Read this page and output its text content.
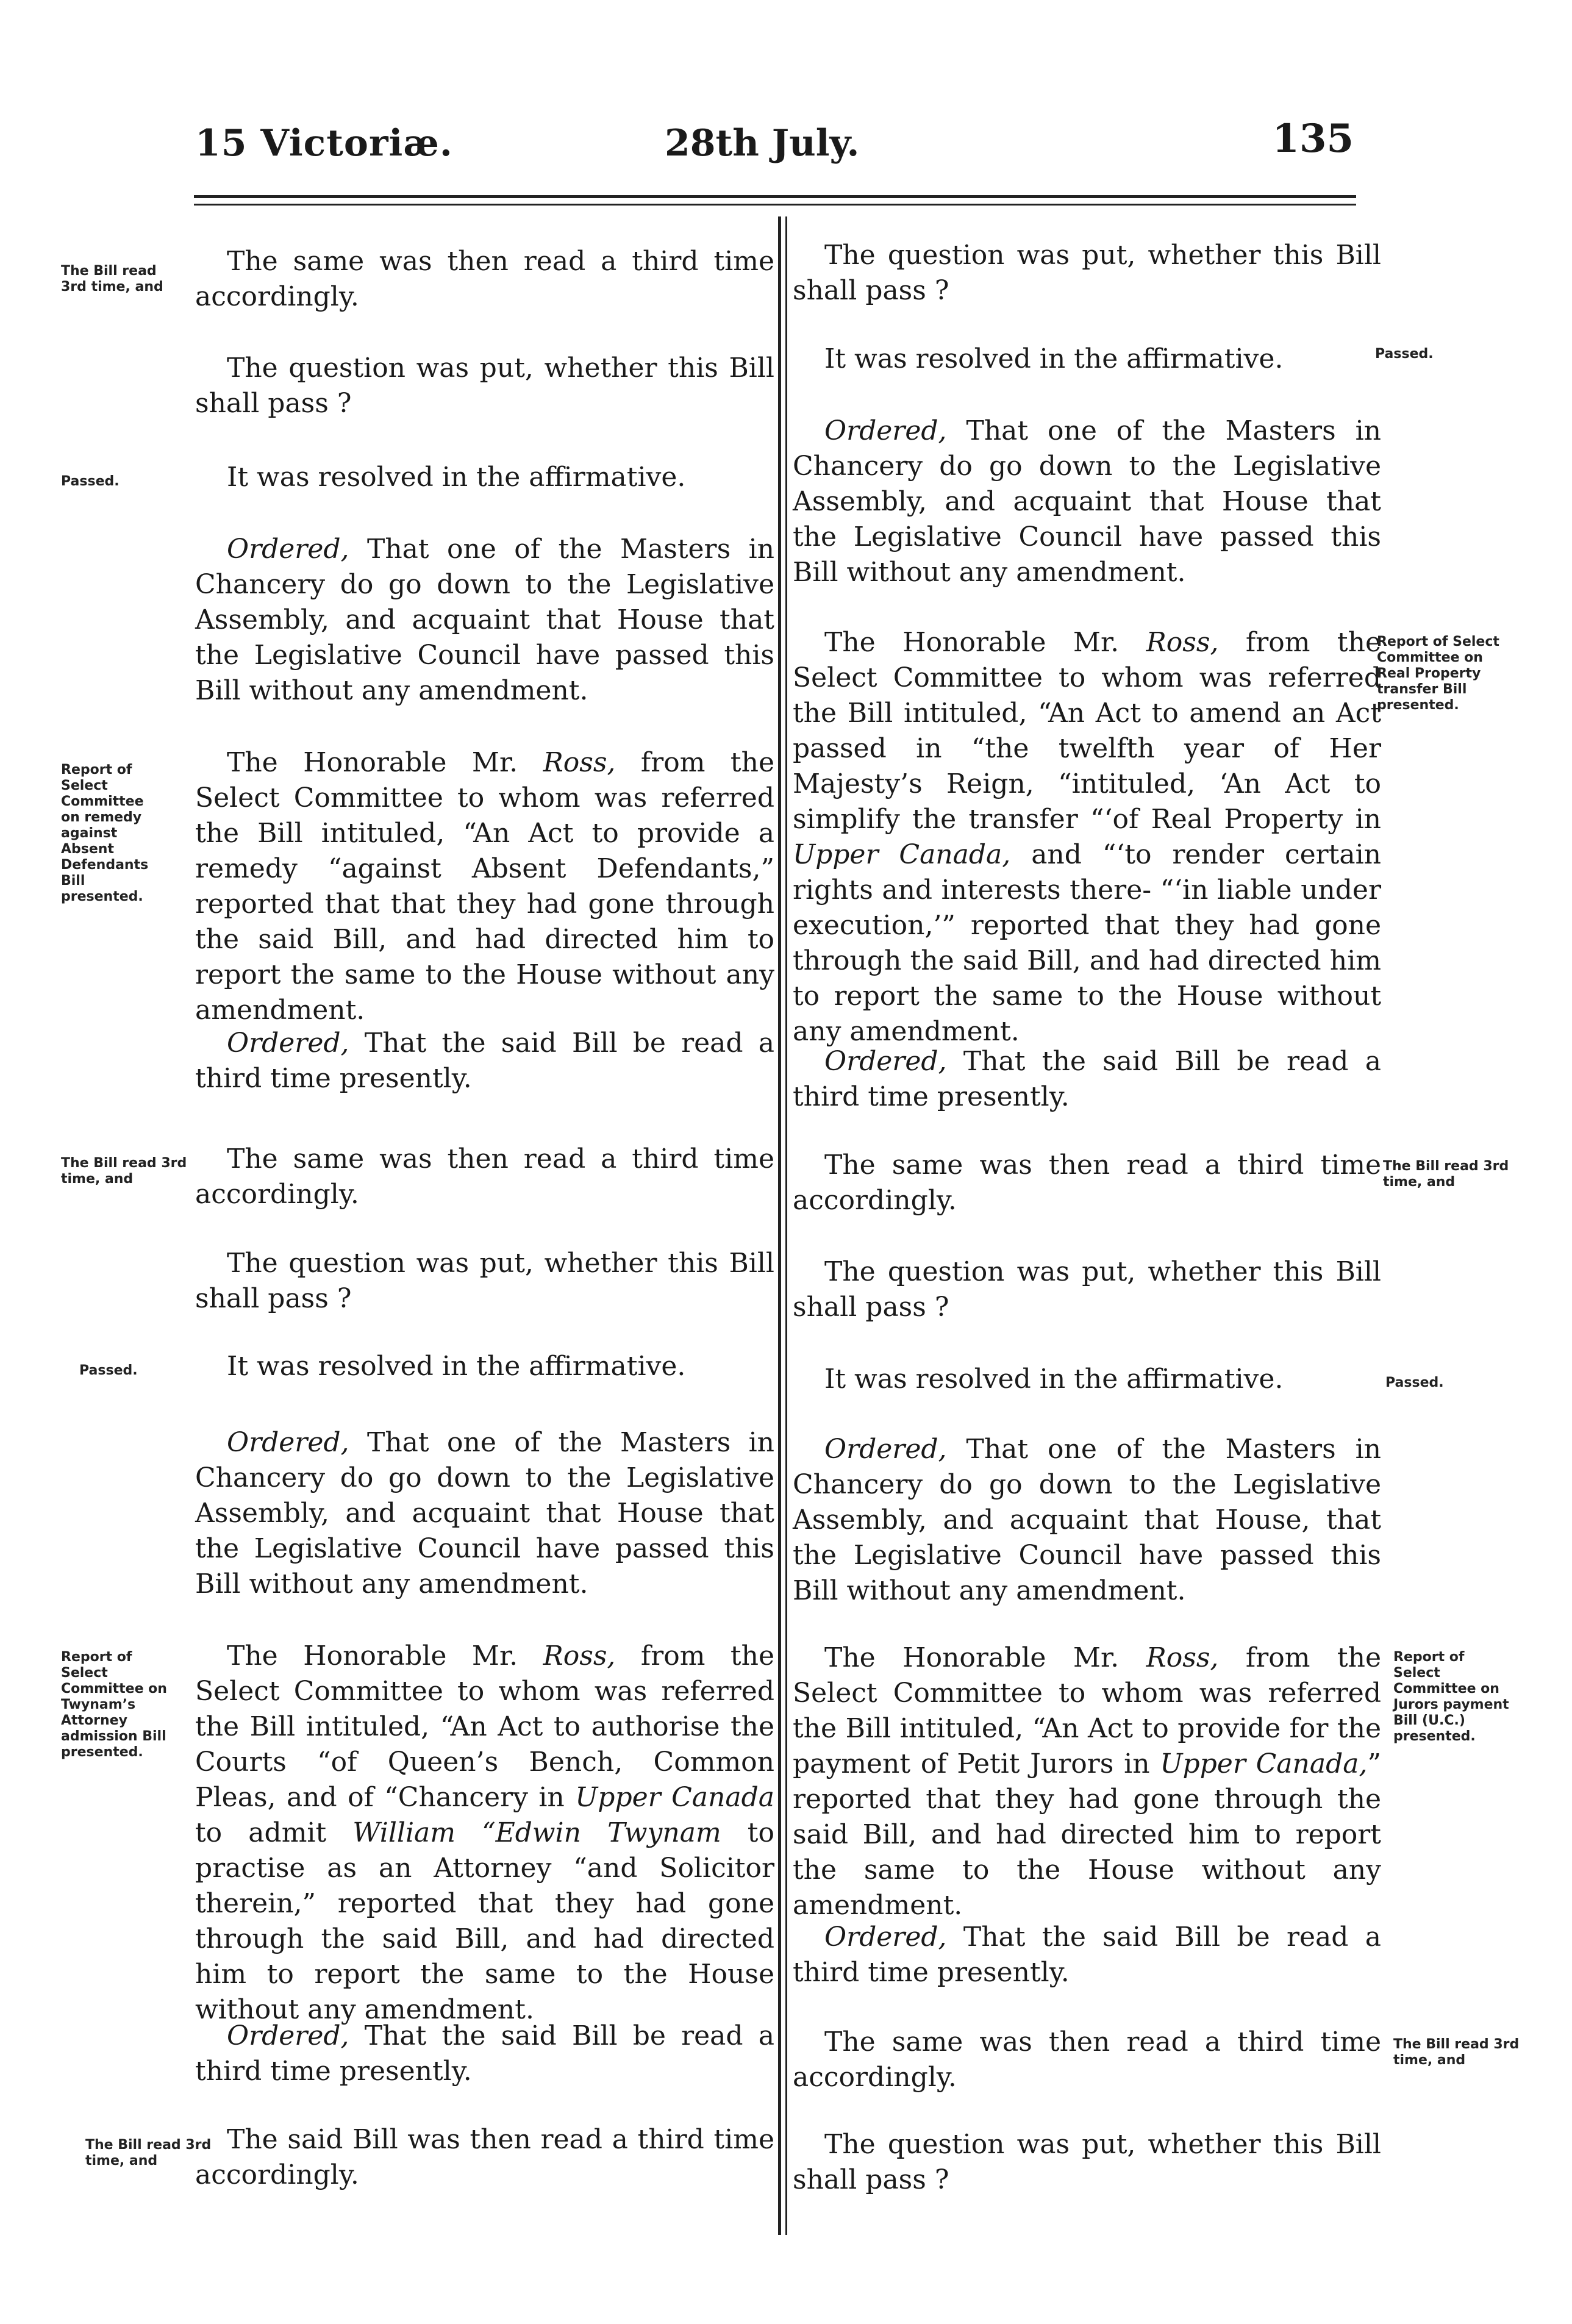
15 Victoriæ.	28th July.	135

The same was then read a third time accordingly.

The question was put, whether this Bill shall pass ?

It was resolved in the affirmative.

Ordered, That one of the Masters in Chancery do go down to the Legislative Assembly, and acquaint that House that the Legislative Council have passed this Bill without any amendment.

The Honorable Mr. Ross, from the Select Committee to whom was referred the Bill intituled, “An Act to provide a remedy “against Absent Defendants,” reported that that they had gone through the said Bill, and had directed him to report the same to the House without any amendment.

Ordered, That the said Bill be read a third time presently.

The same was then read a third time accordingly.

The question was put, whether this Bill shall pass ?

It was resolved in the affirmative.

Ordered, That one of the Masters in Chancery do go down to the Legislative Assembly, and acquaint that House that the Legislative Council have passed this Bill without any amendment.

The Honorable Mr. Ross, from the Select Committee to whom was referred the Bill intituled, “An Act to authorise the Courts “of Queen’s Bench, Common Pleas, and of “Chancery in Upper Canada to admit William “Edwin Twynam to practise as an Attorney “and Solicitor therein,” reported that they had gone through the said Bill, and had directed him to report the same to the House without any amendment.

Ordered, That the said Bill be read a third time presently.

The said Bill was then read a third time accordingly.

The question was put, whether this Bill shall pass ?

It was resolved in the affirmative.

Ordered, That one of the Masters in Chancery do go down to the Legislative Assembly, and acquaint that House that the Legislative Council have passed this Bill without any amendment.

The Honorable Mr. Ross, from the Select Committee to whom was referred the Bill intituled, “An Act to amend an Act passed in “the twelfth year of Her Majesty’s Reign, “intituled, ‘An Act to simplify the transfer “‘of Real Property in Upper Canada, and “‘to render certain rights and interests there- “‘in liable under execution,’” reported that they had gone through the said Bill, and had directed him to report the same to the House without any amendment.

Ordered, That the said Bill be read a third time presently.

The same was then read a third time accordingly.

The question was put, whether this Bill shall pass ?

It was resolved in the affirmative.

Ordered, That one of the Masters in Chancery do go down to the Legislative Assembly, and acquaint that House, that the Legislative Council have passed this Bill without any amendment.

The Honorable Mr. Ross, from the Select Committee to whom was referred the Bill intituled, “An Act to provide for the payment of Petit Jurors in Upper Canada,” reported that they had gone through the said Bill, and had directed him to report the same to the House without any amendment.

Ordered, That the said Bill be read a third time presently.

The same was then read a third time accordingly.

The question was put, whether this Bill shall pass ?

The Bill read 3rd time, and
Passed.
Report of Select Committee on remedy against Absent Defendants Bill presented.
The Bill read 3rd time, and
Passed.
Report of Select Committee on Twynam’s Attorney admission Bill presented.
The Bill read 3rd time, and
Passed.
Report of Select Committee on Real Property transfer Bill presented.
The Bill read 3rd time, and
Passed.
Report of Select Committee on Jurors payment Bill (U.C.) presented.
The Bill read 3rd time, and
